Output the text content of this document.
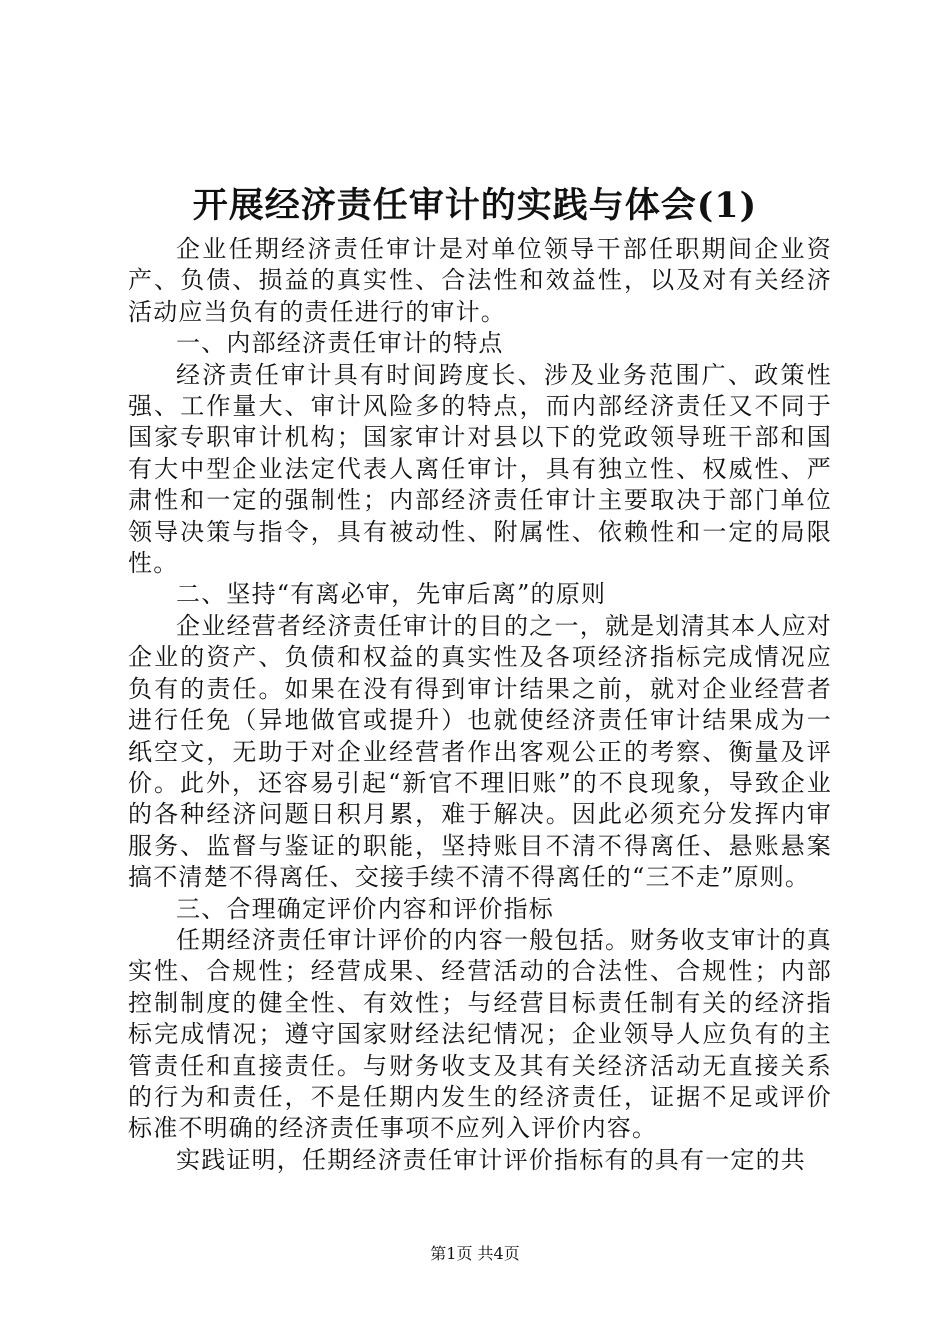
开展经济责任审计的实践与体会(1)

企业任期经济责任审计是对单位领导干部任职期间企业资产、负债、损益的真实性、合法性和效益性，以及对有关经济活动应当负有的责任进行的审计。

一、内部经济责任审计的特点

经济责任审计具有时间跨度长、涉及业务范围广、政策性强、工作量大、审计风险多的特点，而内部经济责任又不同于国家专职审计机构；国家审计对县以下的党政领导班干部和国有大中型企业法定代表人离任审计，具有独立性、权威性、严肃性和一定的强制性；内部经济责任审计主要取决于部门单位领导决策与指令，具有被动性、附属性、依赖性和一定的局限性。

二、坚持“有离必审，先审后离”的原则

企业经营者经济责任审计的目的之一，就是划清其本人应对企业的资产、负债和权益的真实性及各项经济指标完成情况应负有的责任。如果在没有得到审计结果之前，就对企业经营者进行任免（异地做官或提升）也就使经济责任审计结果成为一纸空文，无助于对企业经营者作出客观公正的考察、衡量及评价。此外，还容易引起“新官不理旧账”的不良现象，导致企业的各种经济问题日积月累，难于解决。因此必须充分发挥内审服务、监督与鉴证的职能，坚持账目不清不得离任、悬账悬案搞不清楚不得离任、交接手续不清不得离任的“三不走”原则。

三、合理确定评价内容和评价指标

任期经济责任审计评价的内容一般包括。财务收支审计的真实性、合规性；经营成果、经营活动的合法性、合规性；内部控制制度的健全性、有效性；与经营目标责任制有关的经济指标完成情况；遵守国家财经法纪情况；企业领导人应负有的主管责任和直接责任。与财务收支及其有关经济活动无直接关系的行为和责任，不是任期内发生的经济责任，证据不足或评价标准不明确的经济责任事项不应列入评价内容。

实践证明，任期经济责任审计评价指标有的具有一定的共

第1页 共4页
